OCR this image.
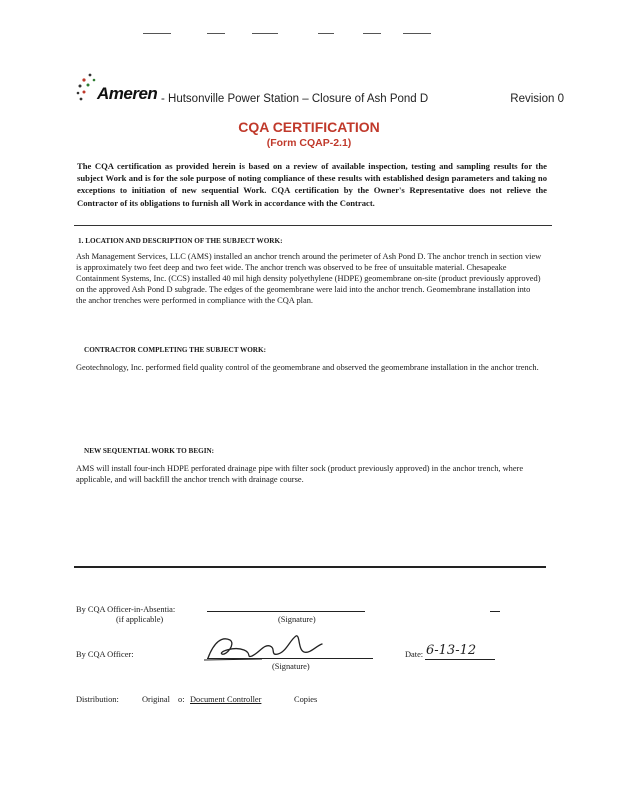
Ameren - Hutsonville Power Station – Closure of Ash Pond D	Revision 0
CQA CERTIFICATION
(Form CQAP-2.1)
The CQA certification as provided herein is based on a review of available inspection, testing and sampling results for the subject Work and is for the sole purpose of noting compliance of these results with established design parameters and taking no exceptions to initiation of new sequential Work. CQA certification by the Owner's Representative does not relieve the Contractor of its obligations to furnish all Work in accordance with the Contract.
1. LOCATION AND DESCRIPTION OF THE SUBJECT WORK:
Ash Management Services, LLC (AMS) installed an anchor trench around the perimeter of Ash Pond D. The anchor trench in section view is approximately two feet deep and two feet wide. The anchor trench was observed to be free of unsuitable material. Chesapeake Containment Systems, Inc. (CCS) installed 40 mil high density polyethylene (HDPE) geomembrane on-site (product previously approved) on the approved Ash Pond D subgrade. The edges of the geomembrane were laid into the anchor trench. Geomembrane installation into the anchor trenches were performed in compliance with the CQA plan.
CONTRACTOR COMPLETING THE SUBJECT WORK:
Geotechnology, Inc. performed field quality control of the geomembrane and observed the geomembrane installation in the anchor trench.
NEW SEQUENTIAL WORK TO BEGIN:
AMS will install four-inch HDPE perforated drainage pipe with filter sock (product previously approved) in the anchor trench, where applicable, and will backfill the anchor trench with drainage course.
By CQA Officer-in-Absentia:
(if applicable)	(Signature)
By CQA Officer:
(Signature)
Date: 6-13-12
Distribution:	Original o: Document Controller	Copies
